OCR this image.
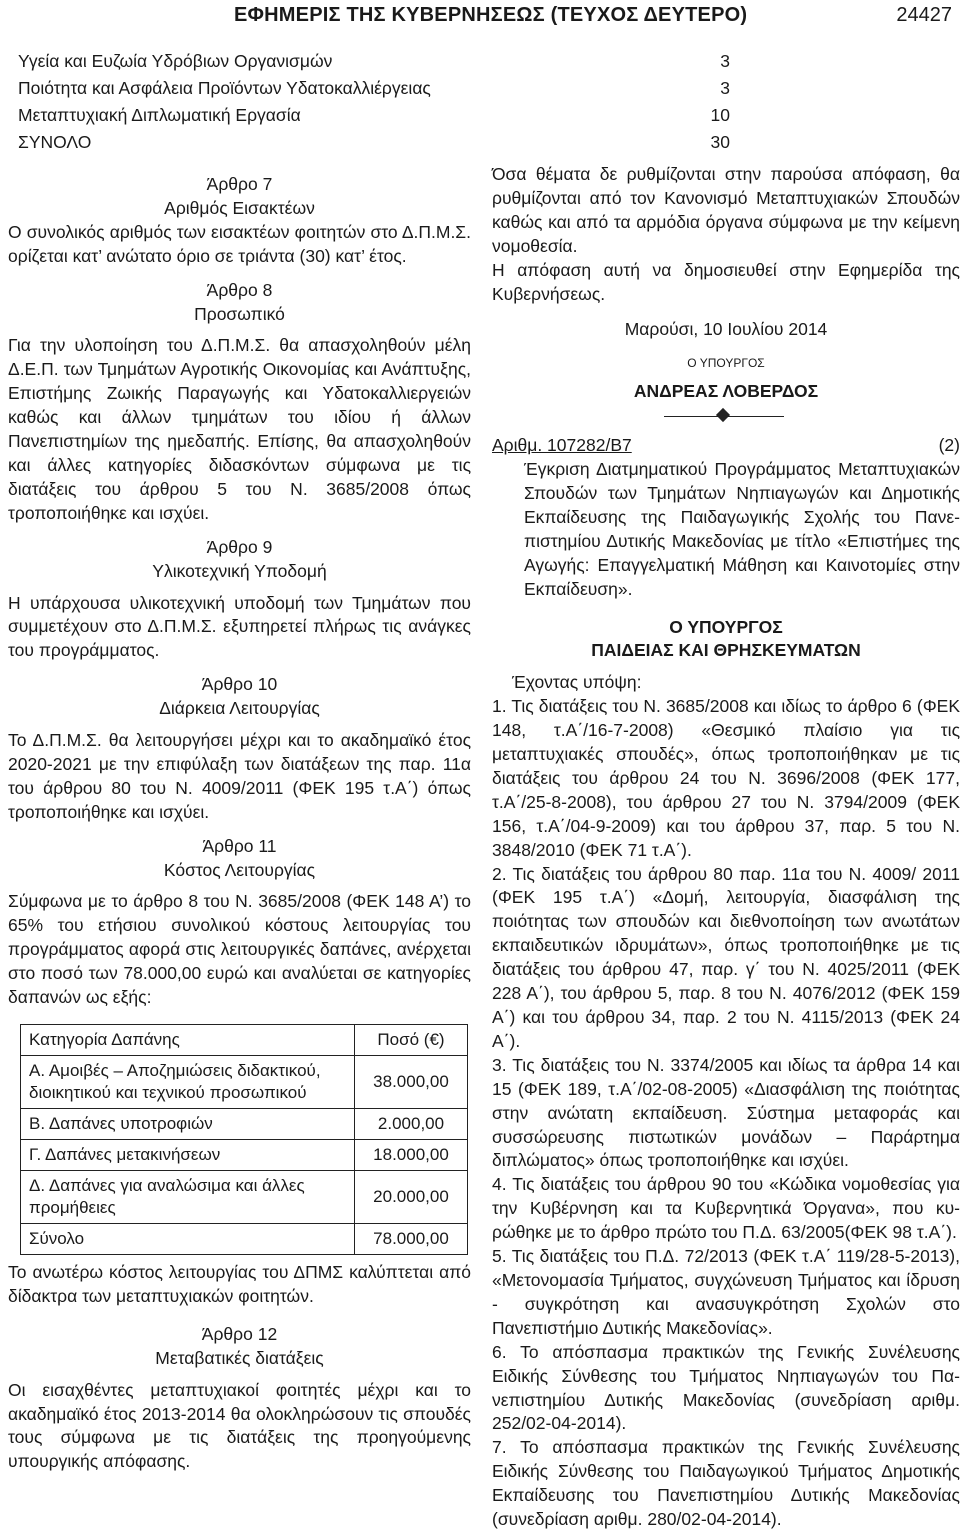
ΕΦΗΜΕΡΙΣ ΤΗΣ ΚΥΒΕΡΝΗΣΕΩΣ (ΤΕΥΧΟΣ ΔΕΥΤΕΡΟ)	24427
Υγεία και Ευζωία Υδρόβιων Οργανισμών	3
Ποιότητα και Ασφάλεια Προϊόντων Υδατοκαλλιέργειας	3
Μεταπτυχιακή Διπλωματική Εργασία	10
ΣΥΝΟΛΟ	30
Άρθρο 7
Αριθμός Εισακτέων

Ο συνολικός αριθμός των εισακτέων φοιτητών στο Δ.Π.Μ.Σ. ορίζεται κατ’ ανώτατο όριο σε τριάντα (30) κατ’ έτος.

Άρθρο 8
Προσωπικό

Για την υλοποίηση του Δ.Π.Μ.Σ. θα απασχοληθούν μέλη Δ.Ε.Π. των Τμημάτων Αγροτικής Οικονομίας και Ανάπτυξης, Επιστήμης Ζωικής Παραγωγής και Υδατοκαλλιεργειών καθώς και άλλων τμημάτων του ιδίου ή άλλων Πανεπιστημίων της ημεδαπής. Επίσης, θα απασχοληθούν και άλλες κατηγορίες διδασκόντων σύμφωνα με τις διατάξεις του άρθρου 5 του Ν. 3685/2008 όπως τροποποιήθηκε και ισχύει.

Άρθρο 9
Υλικοτεχνική Υποδομή

Η υπάρχουσα υλικοτεχνική υποδομή των Τμημάτων που συμμετέχουν στο Δ.Π.Μ.Σ. εξυπηρετεί πλήρως τις ανάγκες του προγράμματος.

Άρθρο 10
Διάρκεια Λειτουργίας

Το Δ.Π.Μ.Σ. θα λειτουργήσει μέχρι και το ακαδημαϊκό έτος 2020-2021 με την επιφύλαξη των διατάξεων της παρ. 11α του άρθρου 80 του Ν. 4009/2011 (ΦΕΚ 195 τ.Α΄) όπως τροποποιήθηκε και ισχύει.

Άρθρο 11
Κόστος Λειτουργίας

Σύμφωνα με το άρθρο 8 του Ν. 3685/2008 (ΦΕΚ 148 Α’) το 65% του ετήσιου συνολικού κόστους λειτουργίας του προγράμματος αφορά στις λειτουργικές δαπάνες, ανέρχεται στο ποσό των 78.000,00 ευρώ και αναλύεται σε κατηγορίες δαπανών ως εξής:

Κατηγορία Δαπάνης	Ποσό (€)
Α. Αμοιβές – Αποζημιώσεις διδακτικού, διοικητικού και τεχνικού προσωπικού	38.000,00
Β. Δαπάνες υποτροφιών	2.000,00
Γ. Δαπάνες μετακινήσεων	18.000,00
Δ. Δαπάνες για αναλώσιμα και άλλες προμήθειες	20.000,00
Σύνολο	78.000,00

Το ανωτέρω κόστος λειτουργίας του ΔΠΜΣ καλύπτεται από δίδακτρα των μεταπτυχιακών φοιτητών.

Άρθρο 12
Μεταβατικές διατάξεις

Οι εισαχθέντες μεταπτυχιακοί φοιτητές μέχρι και το ακαδημαϊκό έτος 2013-2014 θα ολοκληρώσουν τις σπουδές τους σύμφωνα με τις διατάξεις της προηγούμενης υπουργικής απόφασης.

Όσα θέματα δε ρυθμίζονται στην παρούσα απόφαση, θα ρυθμίζονται από τον Κανονισμό Μεταπτυχιακών Σπουδών καθώς και από τα αρμόδια όργανα σύμφωνα με την κείμενη νομοθεσία.

Η απόφαση αυτή να δημοσιευθεί στην Εφημερίδα της Κυβερνήσεως.

Μαρούσι, 10 Ιουλίου 2014
Ο ΥΠΟΥΡΓΟΣ
ΑΝΔΡΕΑΣ ΛΟΒΕΡΔΟΣ
Αριθμ. 107282/Β7	(2)

Έγκριση Διατμηματικού Προγράμματος Μεταπτυχιακών Σπουδών των Τμημάτων Νηπιαγωγών και Δημοτικής Εκπαίδευσης της Παιδαγωγικής Σχολής του Πανεπιστημίου Δυτικής Μακεδονίας με τίτλο «Επιστήμες της Αγωγής: Επαγγελματική Μάθηση και Καινοτομίες στην Εκπαίδευση».

Ο ΥΠΟΥΡΓΟΣ
ΠΑΙΔΕΙΑΣ ΚΑΙ ΘΡΗΣΚΕΥΜΑΤΩΝ

Έχοντας υπόψη:

1. Τις διατάξεις του Ν. 3685/2008 και ιδίως το άρθρο 6 (ΦΕΚ 148, τ.Α΄/16-7-2008) «Θεσμικό πλαίσιο για τις μεταπτυχιακές σπουδές», όπως τροποποιήθηκαν με τις διατάξεις του άρθρου 24 του Ν. 3696/2008 (ΦΕΚ 177, τ.Α΄/25-8-2008), του άρθρου 27 του Ν. 3794/2009 (ΦΕΚ 156, τ.Α΄/04-9-2009) και του άρθρου 37, παρ. 5 του Ν. 3848/2010 (ΦΕΚ 71 τ.Α΄).

2. Τις διατάξεις του άρθρου 80 παρ. 11α του Ν. 4009/ 2011 (ΦΕΚ 195 τ.Α΄) «Δομή, λειτουργία, διασφάλιση της ποιότητας των σπουδών και διεθνοποίηση των ανωτάτων εκπαιδευτικών ιδρυμάτων», όπως τροποποιήθηκε με τις διατάξεις του άρθρου 47, παρ. γ΄ του Ν. 4025/2011 (ΦΕΚ 228 Α΄), του άρθρου 5, παρ. 8 του Ν. 4076/2012 (ΦΕΚ 159 Α΄) και του άρθρου 34, παρ. 2 του Ν. 4115/2013 (ΦΕΚ 24 Α΄).

3. Τις διατάξεις του Ν. 3374/2005 και ιδίως τα άρθρα 14 και 15 (ΦΕΚ 189, τ.Α΄/02-08-2005) «Διασφάλιση της ποιότητας στην ανώτατη εκπαίδευση. Σύστημα μεταφοράς και συσσώρευσης πιστωτικών μονάδων – Παράρτημα διπλώματος» όπως τροποποιήθηκε και ισχύει.

4. Τις διατάξεις του άρθρου 90 του «Κώδικα νομοθεσίας για την Κυβέρνηση και τα Κυβερνητικά Όργανα», που κυρώθηκε με το άρθρο πρώτο του Π.Δ. 63/2005(ΦΕΚ 98 τ.Α΄).

5. Τις διατάξεις του Π.Δ. 72/2013 (ΦΕΚ τ.Α΄ 119/28-5-2013), «Μετονομασία Τμήματος, συγχώνευση Τμήματος και ίδρυση - συγκρότηση και ανασυγκρότηση Σχολών στο Πανεπιστήμιο Δυτικής Μακεδονίας».

6. Το απόσπασμα πρακτικών της Γενικής Συνέλευσης Ειδικής Σύνθεσης του Τμήματος Νηπιαγωγών του Πανεπιστημίου Δυτικής Μακεδονίας (συνεδρίαση αριθμ. 252/02-04-2014).

7. Το απόσπασμα πρακτικών της Γενικής Συνέλευσης Ειδικής Σύνθεσης του Παιδαγωγικού Τμήματος Δημοτικής Εκπαίδευσης του Πανεπιστημίου Δυτικής Μακεδονίας (συνεδρίαση αριθμ. 280/02-04-2014).
